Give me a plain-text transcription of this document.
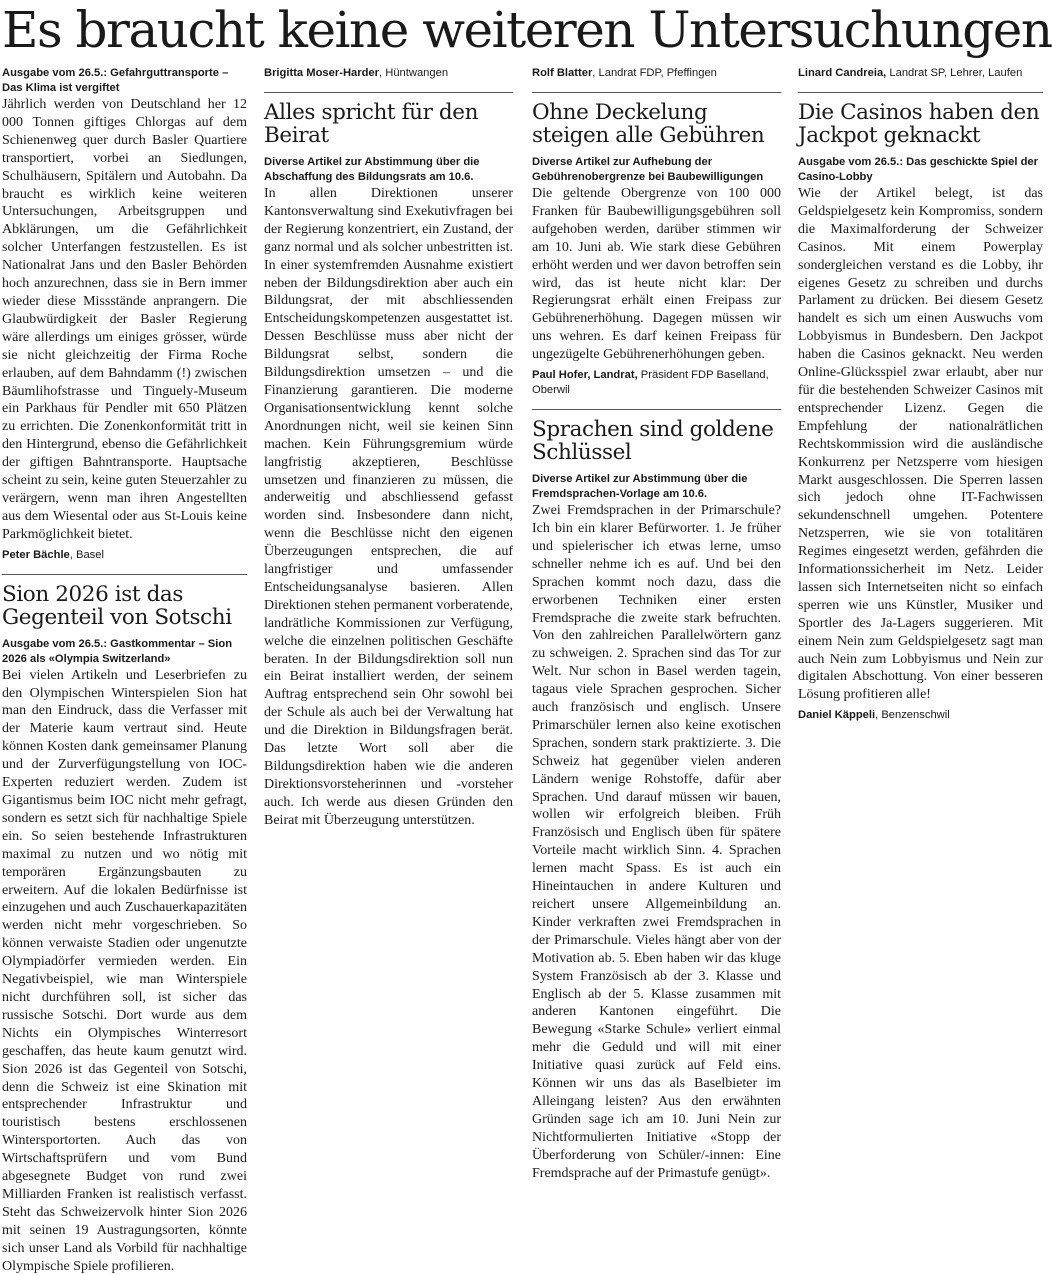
Es braucht keine weiteren Untersuchungen

Ausgabe vom 26.5.: Gefahrguttransporte – Das Klima ist vergiftet

Jährlich werden von Deutschland her 12 000 Tonnen giftiges Chlorgas auf dem Schienenweg quer durch Basler Quartiere transportiert, vorbei an Siedlungen, Schulhäusern, Spitälern und Autobahn. Da braucht es wirklich keine weiteren Untersuchungen, Arbeitsgruppen und Abklärungen, um die Gefährlichkeit solcher Unterfangen festzustellen. Es ist Nationalrat Jans und den Basler Behörden hoch anzurechnen, dass sie in Bern immer wieder diese Missstände anprangern. Die Glaubwürdigkeit der Basler Regierung wäre allerdings um einiges grösser, würde sie nicht gleichzeitig der Firma Roche erlauben, auf dem Bahndamm (!) zwischen Bäumlihofstrasse und Tinguely-Museum ein Parkhaus für Pendler mit 650 Plätzen zu errichten. Die Zonenkonformität tritt in den Hintergrund, ebenso die Gefährlichkeit der giftigen Bahntransporte. Hauptsache scheint zu sein, keine guten Steuerzahler zu verärgern, wenn man ihren Angestellten aus dem Wiesental oder aus St-Louis keine Parkmöglichkeit bietet.

Peter Bächle, Basel

Sion 2026 ist das Gegenteil von Sotschi

Ausgabe vom 26.5.: Gastkommentar – Sion 2026 als «Olympia Switzerland»

Bei vielen Artikeln und Leserbriefen zu den Olympischen Winterspielen Sion hat man den Eindruck, dass die Verfasser mit der Materie kaum vertraut sind. Heute können Kosten dank gemeinsamer Planung und der Zurverfügungstellung von IOC-Experten reduziert werden. Zudem ist Gigantismus beim IOC nicht mehr gefragt, sondern es setzt sich für nachhaltige Spiele ein. So seien bestehende Infrastrukturen maximal zu nutzen und wo nötig mit temporären Ergänzungsbauten zu erweitern. Auf die lokalen Bedürfnisse ist einzugehen und auch Zuschauerkapazitäten werden nicht mehr vorgeschrieben. So können verwaiste Stadien oder ungenutzte Olympiadörfer vermieden werden. Ein Negativbeispiel, wie man Winterspiele nicht durchführen soll, ist sicher das russische Sotschi. Dort wurde aus dem Nichts ein Olympisches Winterresort geschaffen, das heute kaum genutzt wird. Sion 2026 ist das Gegenteil von Sotschi, denn die Schweiz ist eine Skination mit entsprechender Infrastruktur und touristisch bestens erschlossenen Wintersportorten. Auch das von Wirtschaftsprüfern und vom Bund abgesegnete Budget von rund zwei Milliarden Franken ist realistisch verfasst. Steht das Schweizervolk hinter Sion 2026 mit seinen 19 Austragungsorten, könnte sich unser Land als Vorbild für nachhaltige Olympische Spiele profilieren.

Brigitta Moser-Harder, Hüntwangen

Alles spricht für den Beirat

Diverse Artikel zur Abstimmung über die Abschaffung des Bildungsrats am 10.6.

In allen Direktionen unserer Kantonsverwaltung sind Exekutivfragen bei der Regierung konzentriert, ein Zustand, der ganz normal und als solcher unbestritten ist. In einer systemfremden Ausnahme existiert neben der Bildungsdirektion aber auch ein Bildungsrat, der mit abschliessenden Entscheidungskompetenzen ausgestattet ist. Dessen Beschlüsse muss aber nicht der Bildungsrat selbst, sondern die Bildungsdirektion umsetzen – und die Finanzierung garantieren. Die moderne Organisationsentwicklung kennt solche Anordnungen nicht, weil sie keinen Sinn machen. Kein Führungsgremium würde langfristig akzeptieren, Beschlüsse umsetzen und finanzieren zu müssen, die anderweitig und abschliessend gefasst worden sind. Insbesondere dann nicht, wenn die Beschlüsse nicht den eigenen Überzeugungen entsprechen, die auf langfristiger und umfassender Entscheidungsanalyse basieren. Allen Direktionen stehen permanent vorberatende, landrätliche Kommissionen zur Verfügung, welche die einzelnen politischen Geschäfte beraten. In der Bildungsdirektion soll nun ein Beirat installiert werden, der seinem Auftrag entsprechend sein Ohr sowohl bei der Schule als auch bei der Verwaltung hat und die Direktion in Bildungsfragen berät. Das letzte Wort soll aber die Bildungsdirektion haben wie die anderen Direktionsvorsteherinnen und -vorsteher auch. Ich werde aus diesen Gründen den Beirat mit Überzeugung unterstützen.

Rolf Blatter, Landrat FDP, Pfeffingen

Ohne Deckelung steigen alle Gebühren

Diverse Artikel zur Aufhebung der Gebührenobergrenze bei Baubewilligungen

Die geltende Obergrenze von 100 000 Franken für Baubewilligungsgebühren soll aufgehoben werden, darüber stimmen wir am 10. Juni ab. Wie stark diese Gebühren erhöht werden und wer davon betroffen sein wird, das ist heute nicht klar: Der Regierungsrat erhält einen Freipass zur Gebührenerhöhung. Dagegen müssen wir uns wehren. Es darf keinen Freipass für ungezügelte Gebührenerhöhungen geben.

Paul Hofer, Landrat, Präsident FDP Baselland, Oberwil

Sprachen sind goldene Schlüssel

Diverse Artikel zur Abstimmung über die Fremdsprachen-Vorlage am 10.6.

Zwei Fremdsprachen in der Primarschule? Ich bin ein klarer Befürworter. 1. Je früher und spielerischer ich etwas lerne, umso schneller nehme ich es auf. Und bei den Sprachen kommt noch dazu, dass die erworbenen Techniken einer ersten Fremdsprache die zweite stark befruchten. Von den zahlreichen Parallelwörtern ganz zu schweigen. 2. Sprachen sind das Tor zur Welt. Nur schon in Basel werden tagein, tagaus viele Sprachen gesprochen. Sicher auch französisch und englisch. Unsere Primarschüler lernen also keine exotischen Sprachen, sondern stark praktizierte. 3. Die Schweiz hat gegenüber vielen anderen Ländern wenige Rohstoffe, dafür aber Sprachen. Und darauf müssen wir bauen, wollen wir erfolgreich bleiben. Früh Französisch und Englisch üben für spätere Vorteile macht wirklich Sinn. 4. Sprachen lernen macht Spass. Es ist auch ein Hineintauchen in andere Kulturen und reichert unsere Allgemeinbildung an. Kinder verkraften zwei Fremdsprachen in der Primarschule. Vieles hängt aber von der Motivation ab. 5. Eben haben wir das kluge System Französisch ab der 3. Klasse und Englisch ab der 5. Klasse zusammen mit anderen Kantonen eingeführt. Die Bewegung «Starke Schule» verliert einmal mehr die Geduld und will mit einer Initiative quasi zurück auf Feld eins. Können wir uns das als Baselbieter im Alleingang leisten? Aus den erwähnten Gründen sage ich am 10. Juni Nein zur Nichtformulierten Initiative «Stopp der Überforderung von Schüler/-innen: Eine Fremdsprache auf der Primastufe genügt».

Linard Candreia, Landrat SP, Lehrer, Laufen

Die Casinos haben den Jackpot geknackt

Ausgabe vom 26.5.: Das geschickte Spiel der Casino-Lobby

Wie der Artikel belegt, ist das Geldspielgesetz kein Kompromiss, sondern die Maximalforderung der Schweizer Casinos. Mit einem Powerplay sondergleichen verstand es die Lobby, ihr eigenes Gesetz zu schreiben und durchs Parlament zu drücken. Bei diesem Gesetz handelt es sich um einen Auswuchs vom Lobbyismus in Bundesbern. Den Jackpot haben die Casinos geknackt. Neu werden Online-Glücksspiel zwar erlaubt, aber nur für die bestehenden Schweizer Casinos mit entsprechender Lizenz. Gegen die Empfehlung der nationalrätlichen Rechtskommission wird die ausländische Konkurrenz per Netzsperre vom hiesigen Markt ausgeschlossen. Die Sperren lassen sich jedoch ohne IT-Fachwissen sekundenschnell umgehen. Potentere Netzsperren, wie sie von totalitären Regimes eingesetzt werden, gefährden die Informationssicherheit im Netz. Leider lassen sich Internetseiten nicht so einfach sperren wie uns Künstler, Musiker und Sportler des Ja-Lagers suggerieren. Mit einem Nein zum Geldspielgesetz sagt man auch Nein zum Lobbyismus und Nein zur digitalen Abschottung. Von einer besseren Lösung profitieren alle!

Daniel Käppeli, Benzenschwil
